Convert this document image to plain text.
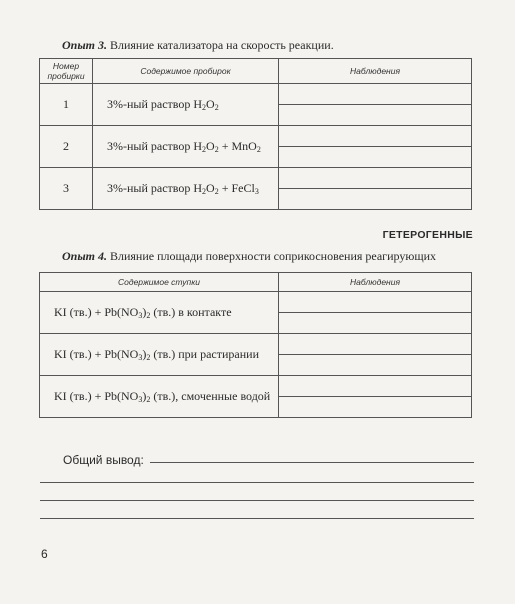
Опыт 3. Влияние катализатора на скорость реакции.
Номер пробирки	Содержимое пробирок	Наблюдения
1	3%-ный раствор $H_2O_2$	

2	3%-ный раствор $H_2O_2 + MnO_2$	

3	3%-ный раствор $H_2O_2$ + FeCl$_3$	
ГЕТЕРОГЕННЫЕ
Опыт 4. Влияние площади поверхности соприкосновения реагирующих
Содержимое ступки	Наблюдения
KI $(тв.) + Pb(NO_3)_2$ (тв.) в контакте	

KI $(тв.) + Pb(NO_3)_2$ (тв.) при растирании	

KI $(тв.) + Pb(NO_3)_2$ (тв.), смоченные водой	
Общий вывод:
6
